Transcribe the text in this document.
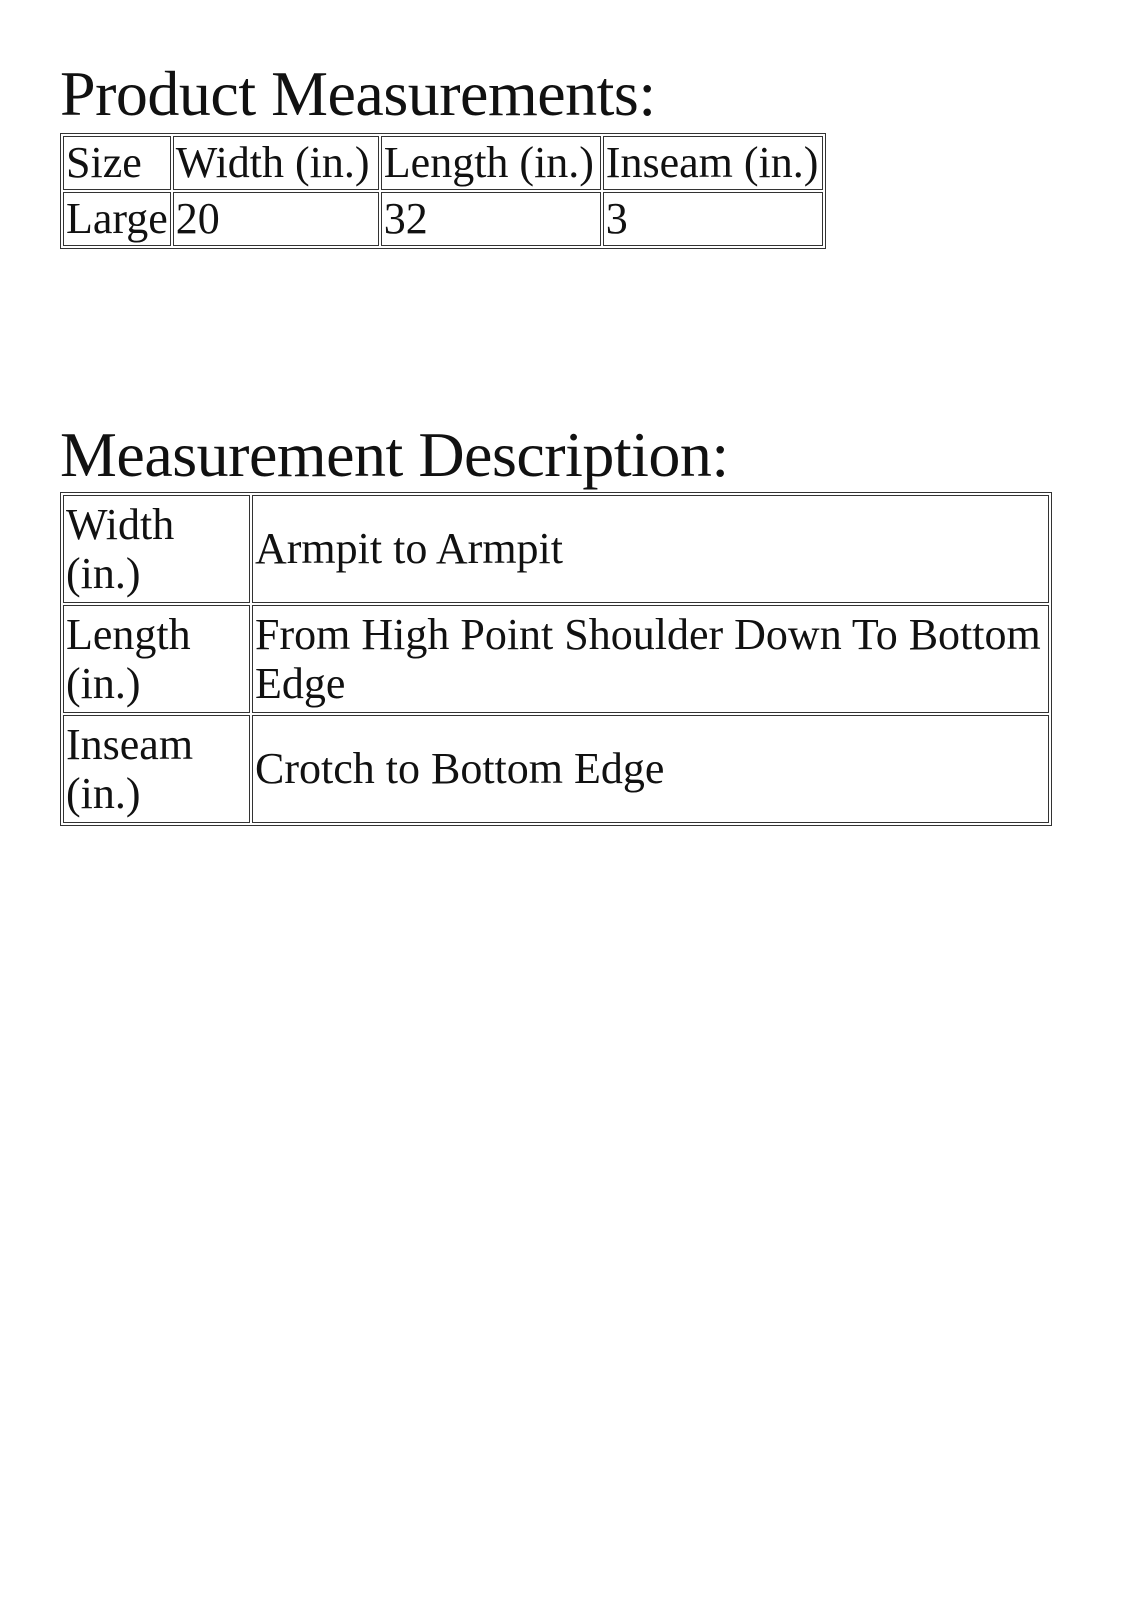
Product Measurements:
Size	Width (in.)	Length (in.)	Inseam (in.)
Large	20	32	3
Measurement Description:
Width (in.)	Armpit to Armpit
Length (in.)	From High Point Shoulder Down To Bottom Edge
Inseam (in.)	Crotch to Bottom Edge
